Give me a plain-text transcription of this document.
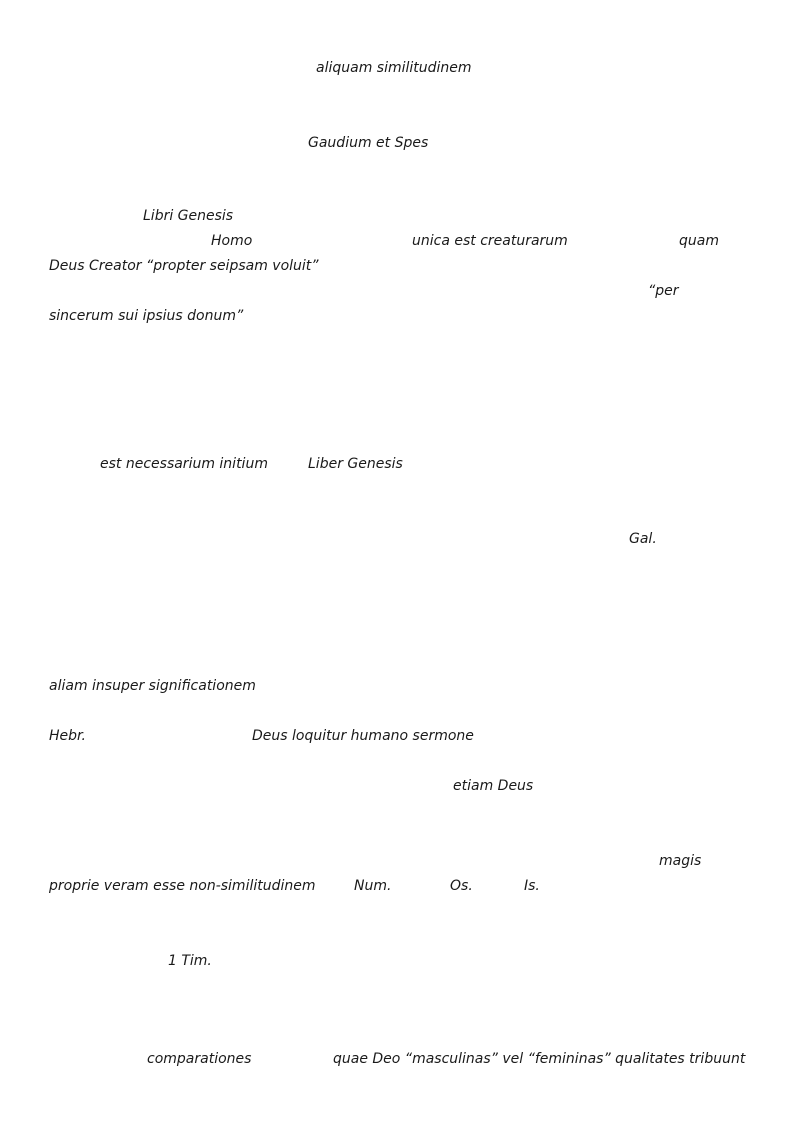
aliquam similitudinem
Gaudium et Spes
Libri Genesis
Homo	unica est creaturarum	quam
Deus Creator “propter seipsam voluit”
“per
sincerum sui ipsius donum”
est necessarium initium	Liber Genesis
Gal.
aliam insuper significationem
Hebr.	Deus loquitur humano sermone
etiam Deus
magis
proprie veram esse non-similitudinem	Num.	Os.	Is.
1 Tim.
comparationes	quae Deo “masculinas” vel “femininas” qualitates tribuunt
